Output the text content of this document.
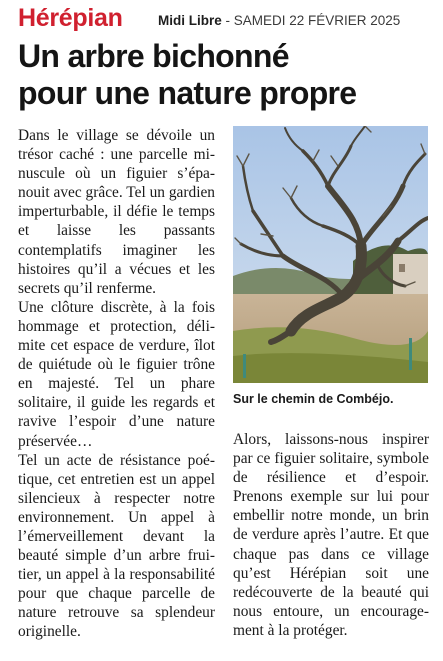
Hérépian	Midi Libre - SAMEDI 22 FÉVRIER 2025
Un arbre bichonné
pour une nature propre

Dans le village se dévoile un trésor caché : une parcelle minuscule où un figuier s’épanouit avec grâce. Tel un gardien imperturbable, il défie le temps et laisse les passants contemplatifs imaginer les histoires qu’il a vécues et les secrets qu’il renferme.

Une clôture discrète, à la fois hommage et protection, délimite cet espace de verdure, îlot de quiétude où le figuier trône en majesté. Tel un phare solitaire, il guide les regards et ravive l’espoir d’une nature préservée…

Tel un acte de résistance poétique, cet entretien est un appel silencieux à respecter notre environnement. Un appel à l’émerveillement devant la beauté simple d’un arbre fruitier, un appel à la responsabilité pour que chaque parcelle de nature retrouve sa splendeur originelle.

Sur le chemin de Combéjo.

Alors, laissons-nous inspirer par ce figuier solitaire, symbole de résilience et d’espoir. Prenons exemple sur lui pour embellir notre monde, un brin de verdure après l’autre. Et que chaque pas dans ce village qu’est Hérépian soit une redécouverte de la beauté qui nous entoure, un encouragement à la protéger.
